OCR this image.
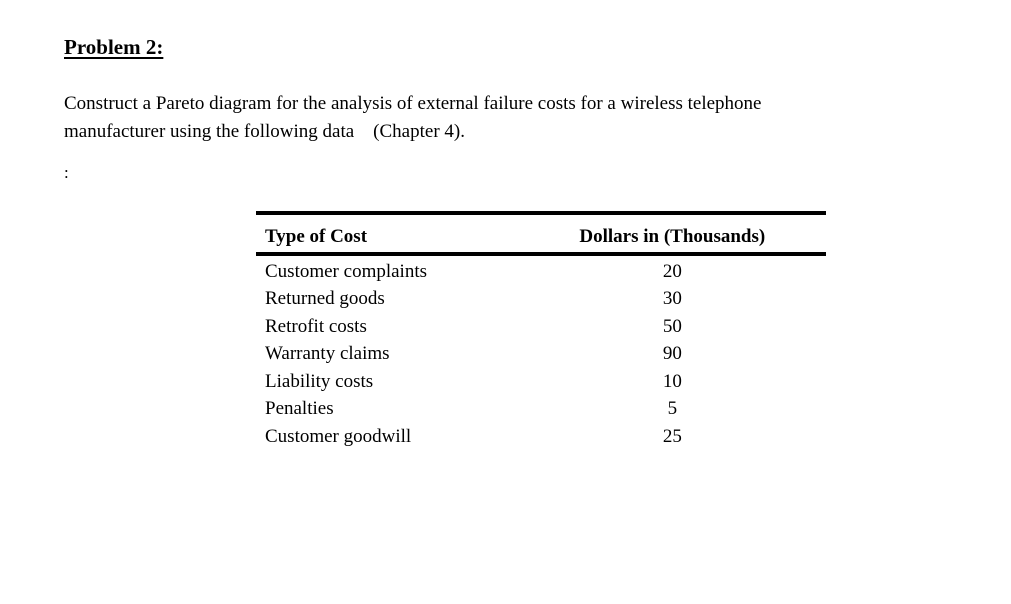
Problem 2:

Construct a Pareto diagram for the analysis of external failure costs for a wireless telephone
manufacturer using the following data    (Chapter 4).

:

Type of Cost	Dollars in (Thousands)

Customer complaints	20
Returned goods	30
Retrofit costs	50
Warranty claims	90
Liability costs	10
Penalties	5
Customer goodwill	25
